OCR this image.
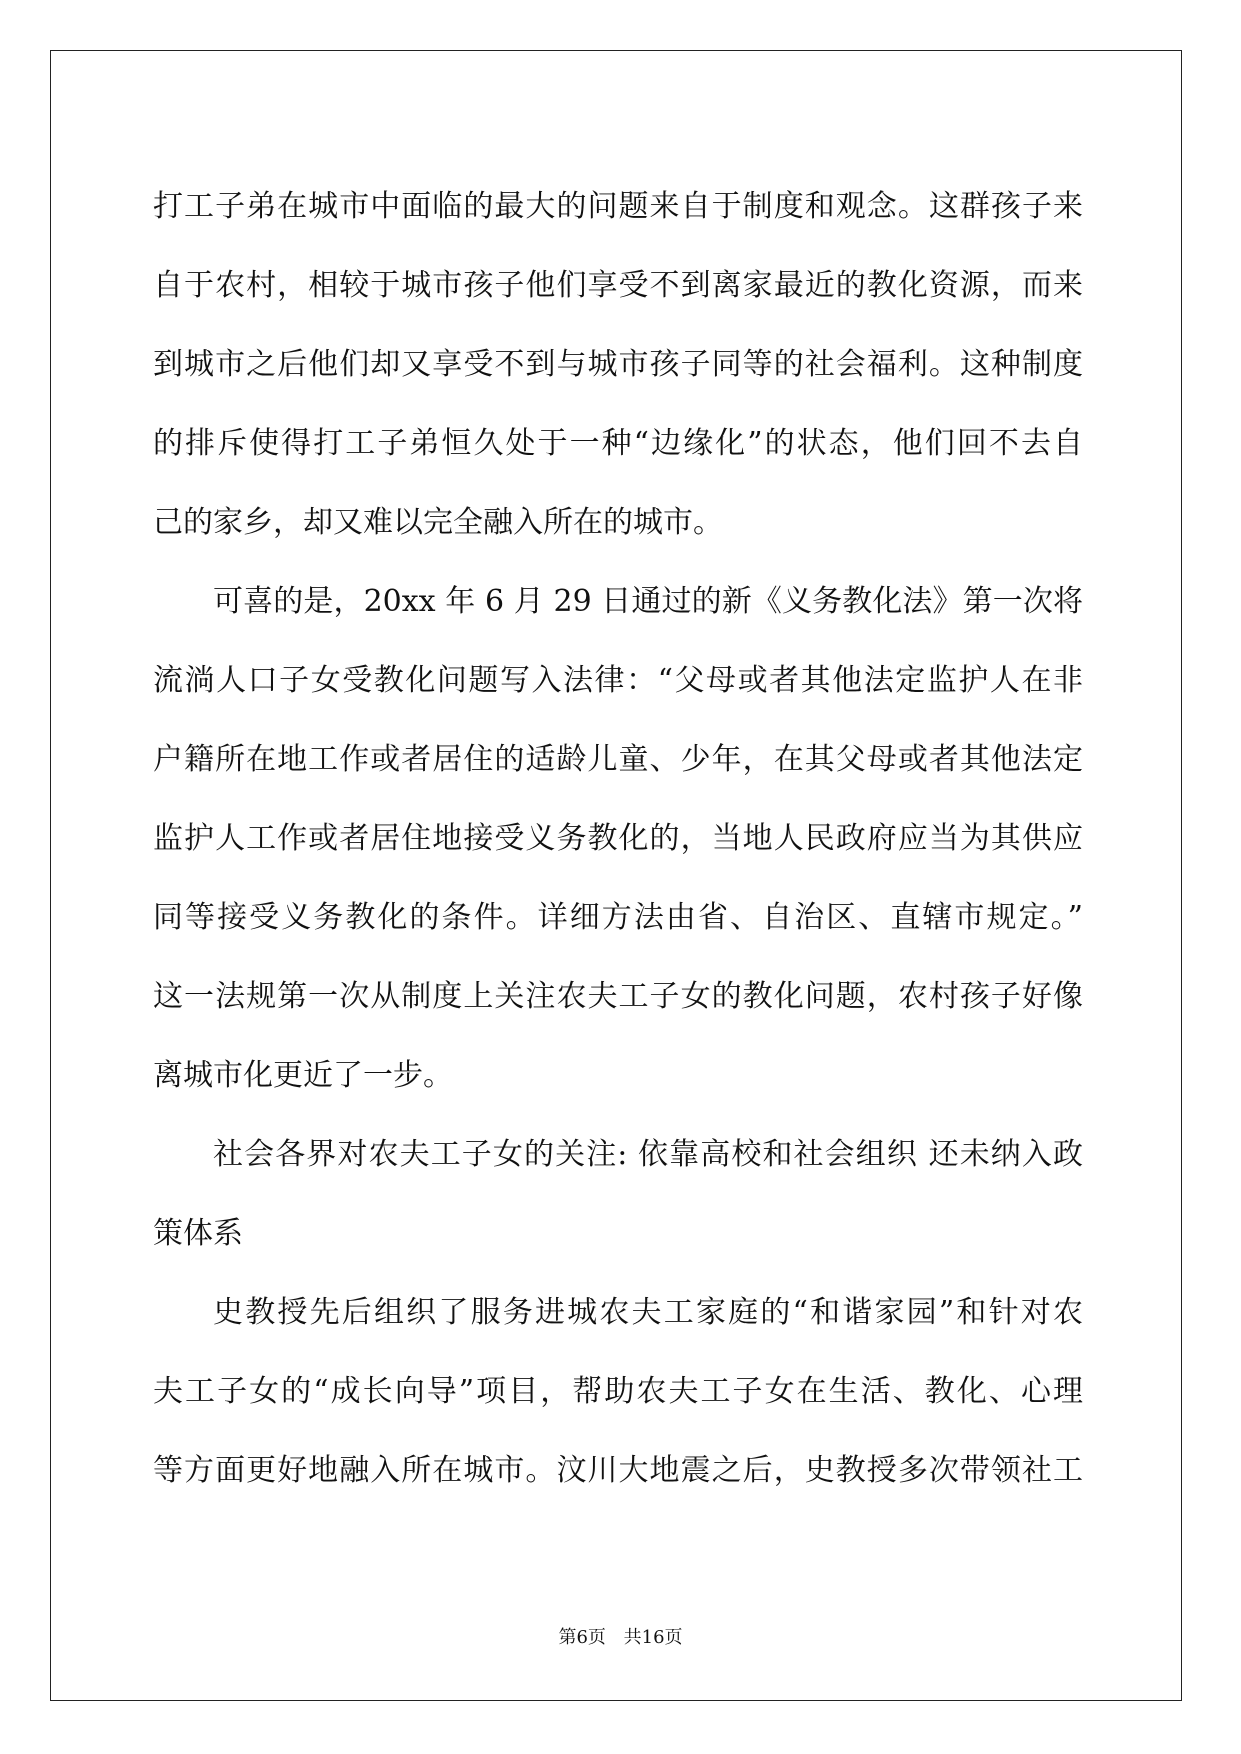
打工子弟在城市中面临的最大的问题来自于制度和观念。这群孩子来
自于农村，相较于城市孩子他们享受不到离家最近的教化资源，而来
到城市之后他们却又享受不到与城市孩子同等的社会福利。这种制度
的排斥使得打工子弟恒久处于一种“边缘化”的状态，他们回不去自
己的家乡，却又难以完全融入所在的城市。
可喜的是，20xx 年 6 月 29 日通过的新《义务教化法》第一次将
流淌人口子女受教化问题写入法律：“父母或者其他法定监护人在非
户籍所在地工作或者居住的适龄儿童、少年，在其父母或者其他法定
监护人工作或者居住地接受义务教化的，当地人民政府应当为其供应
同等接受义务教化的条件。详细方法由省、自治区、直辖市规定。”
这一法规第一次从制度上关注农夫工子女的教化问题，农村孩子好像
离城市化更近了一步。
社会各界对农夫工子女的关注: 依靠高校和社会组织 还未纳入政
策体系
史教授先后组织了服务进城农夫工家庭的“和谐家园”和针对农
夫工子女的“成长向导”项目，帮助农夫工子女在生活、教化、心理
等方面更好地融入所在城市。汶川大地震之后，史教授多次带领社工
第6页 共16页
